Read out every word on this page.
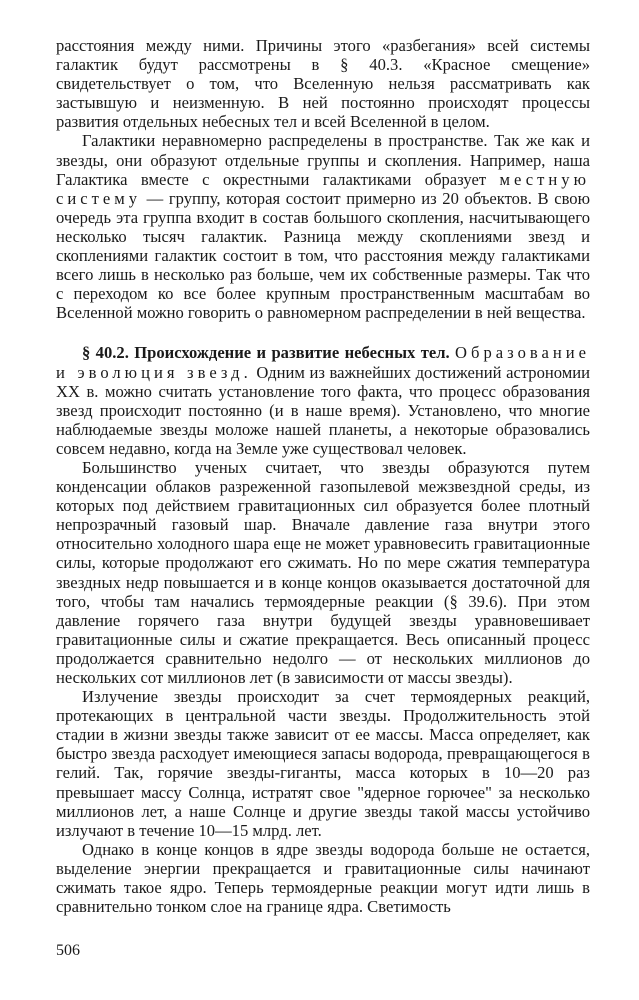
расстояния между ними. Причины этого «разбегания» всей системы галактик будут рассмотрены в § 40.3. «Красное смещение» свидетельствует о том, что Вселенную нельзя рассматривать как застывшую и неизменную. В ней постоянно происходят процессы развития отдельных небесных тел и всей Вселенной в целом.

Галактики неравномерно распределены в пространстве. Так же как и звезды, они образуют отдельные группы и скопления. Например, наша Галактика вместе с окрестными галактиками образует местную систему — группу, которая состоит примерно из 20 объектов. В свою очередь эта группа входит в состав большого скопления, насчитывающего несколько тысяч галактик. Разница между скоплениями звезд и скоплениями галактик состоит в том, что расстояния между галактиками всего лишь в несколько раз больше, чем их собственные размеры. Так что с переходом ко все более крупным пространственным масштабам во Вселенной можно говорить о равномерном распределении в ней вещества.

§ 40.2. Происхождение и развитие небесных тел. Образование и эволюция звезд. Одним из важнейших достижений астрономии XX в. можно считать установление того факта, что процесс образования звезд происходит постоянно (и в наше время). Установлено, что многие наблюдаемые звезды моложе нашей планеты, а некоторые образовались совсем недавно, когда на Земле уже существовал человек.

Большинство ученых считает, что звезды образуются путем конденсации облаков разреженной газопылевой межзвездной среды, из которых под действием гравитационных сил образуется более плотный непрозрачный газовый шар. Вначале давление газа внутри этого относительно холодного шара еще не может уравновесить гравитационные силы, которые продолжают его сжимать. Но по мере сжатия температура звездных недр повышается и в конце концов оказывается достаточной для того, чтобы там начались термоядерные реакции (§ 39.6). При этом давление горячего газа внутри будущей звезды уравновешивает гравитационные силы и сжатие прекращается. Весь описанный процесс продолжается сравнительно недолго — от нескольких миллионов до нескольких сот миллионов лет (в зависимости от массы звезды).

Излучение звезды происходит за счет термоядерных реакций, протекающих в центральной части звезды. Продолжительность этой стадии в жизни звезды также зависит от ее массы. Масса определяет, как быстро звезда расходует имеющиеся запасы водорода, превращающегося в гелий. Так, горячие звезды-гиганты, масса которых в 10—20 раз превышает массу Солнца, истратят свое "ядерное горючее" за несколько миллионов лет, а наше Солнце и другие звезды такой массы устойчиво излучают в течение 10—15 млрд. лет.

Однако в конце концов в ядре звезды водорода больше не остается, выделение энергии прекращается и гравитационные силы начинают сжимать такое ядро. Теперь термоядерные реакции могут идти лишь в сравнительно тонком слое на границе ядра. Светимость

506
